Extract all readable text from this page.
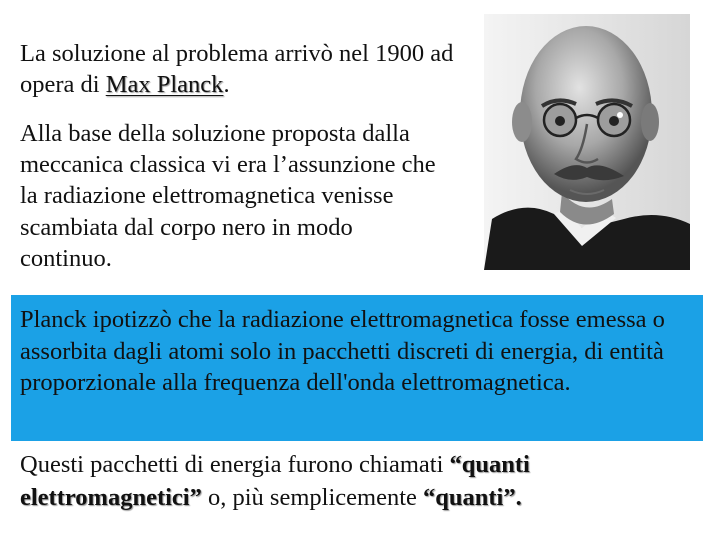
La soluzione al problema arrivò nel 1900 ad opera di Max Planck.

Alla base della soluzione proposta dalla meccanica classica vi era l’assunzione che la radiazione elettromagnetica venisse scambiata dal corpo nero in modo continuo.

Planck ipotizzò che la radiazione elettromagnetica fosse emessa o assorbita dagli atomi solo in pacchetti discreti di energia, di entità proporzionale alla frequenza dell'onda elettromagnetica.

Questi pacchetti di energia furono chiamati “quanti elettromagnetici” o, più semplicemente “quanti”.
